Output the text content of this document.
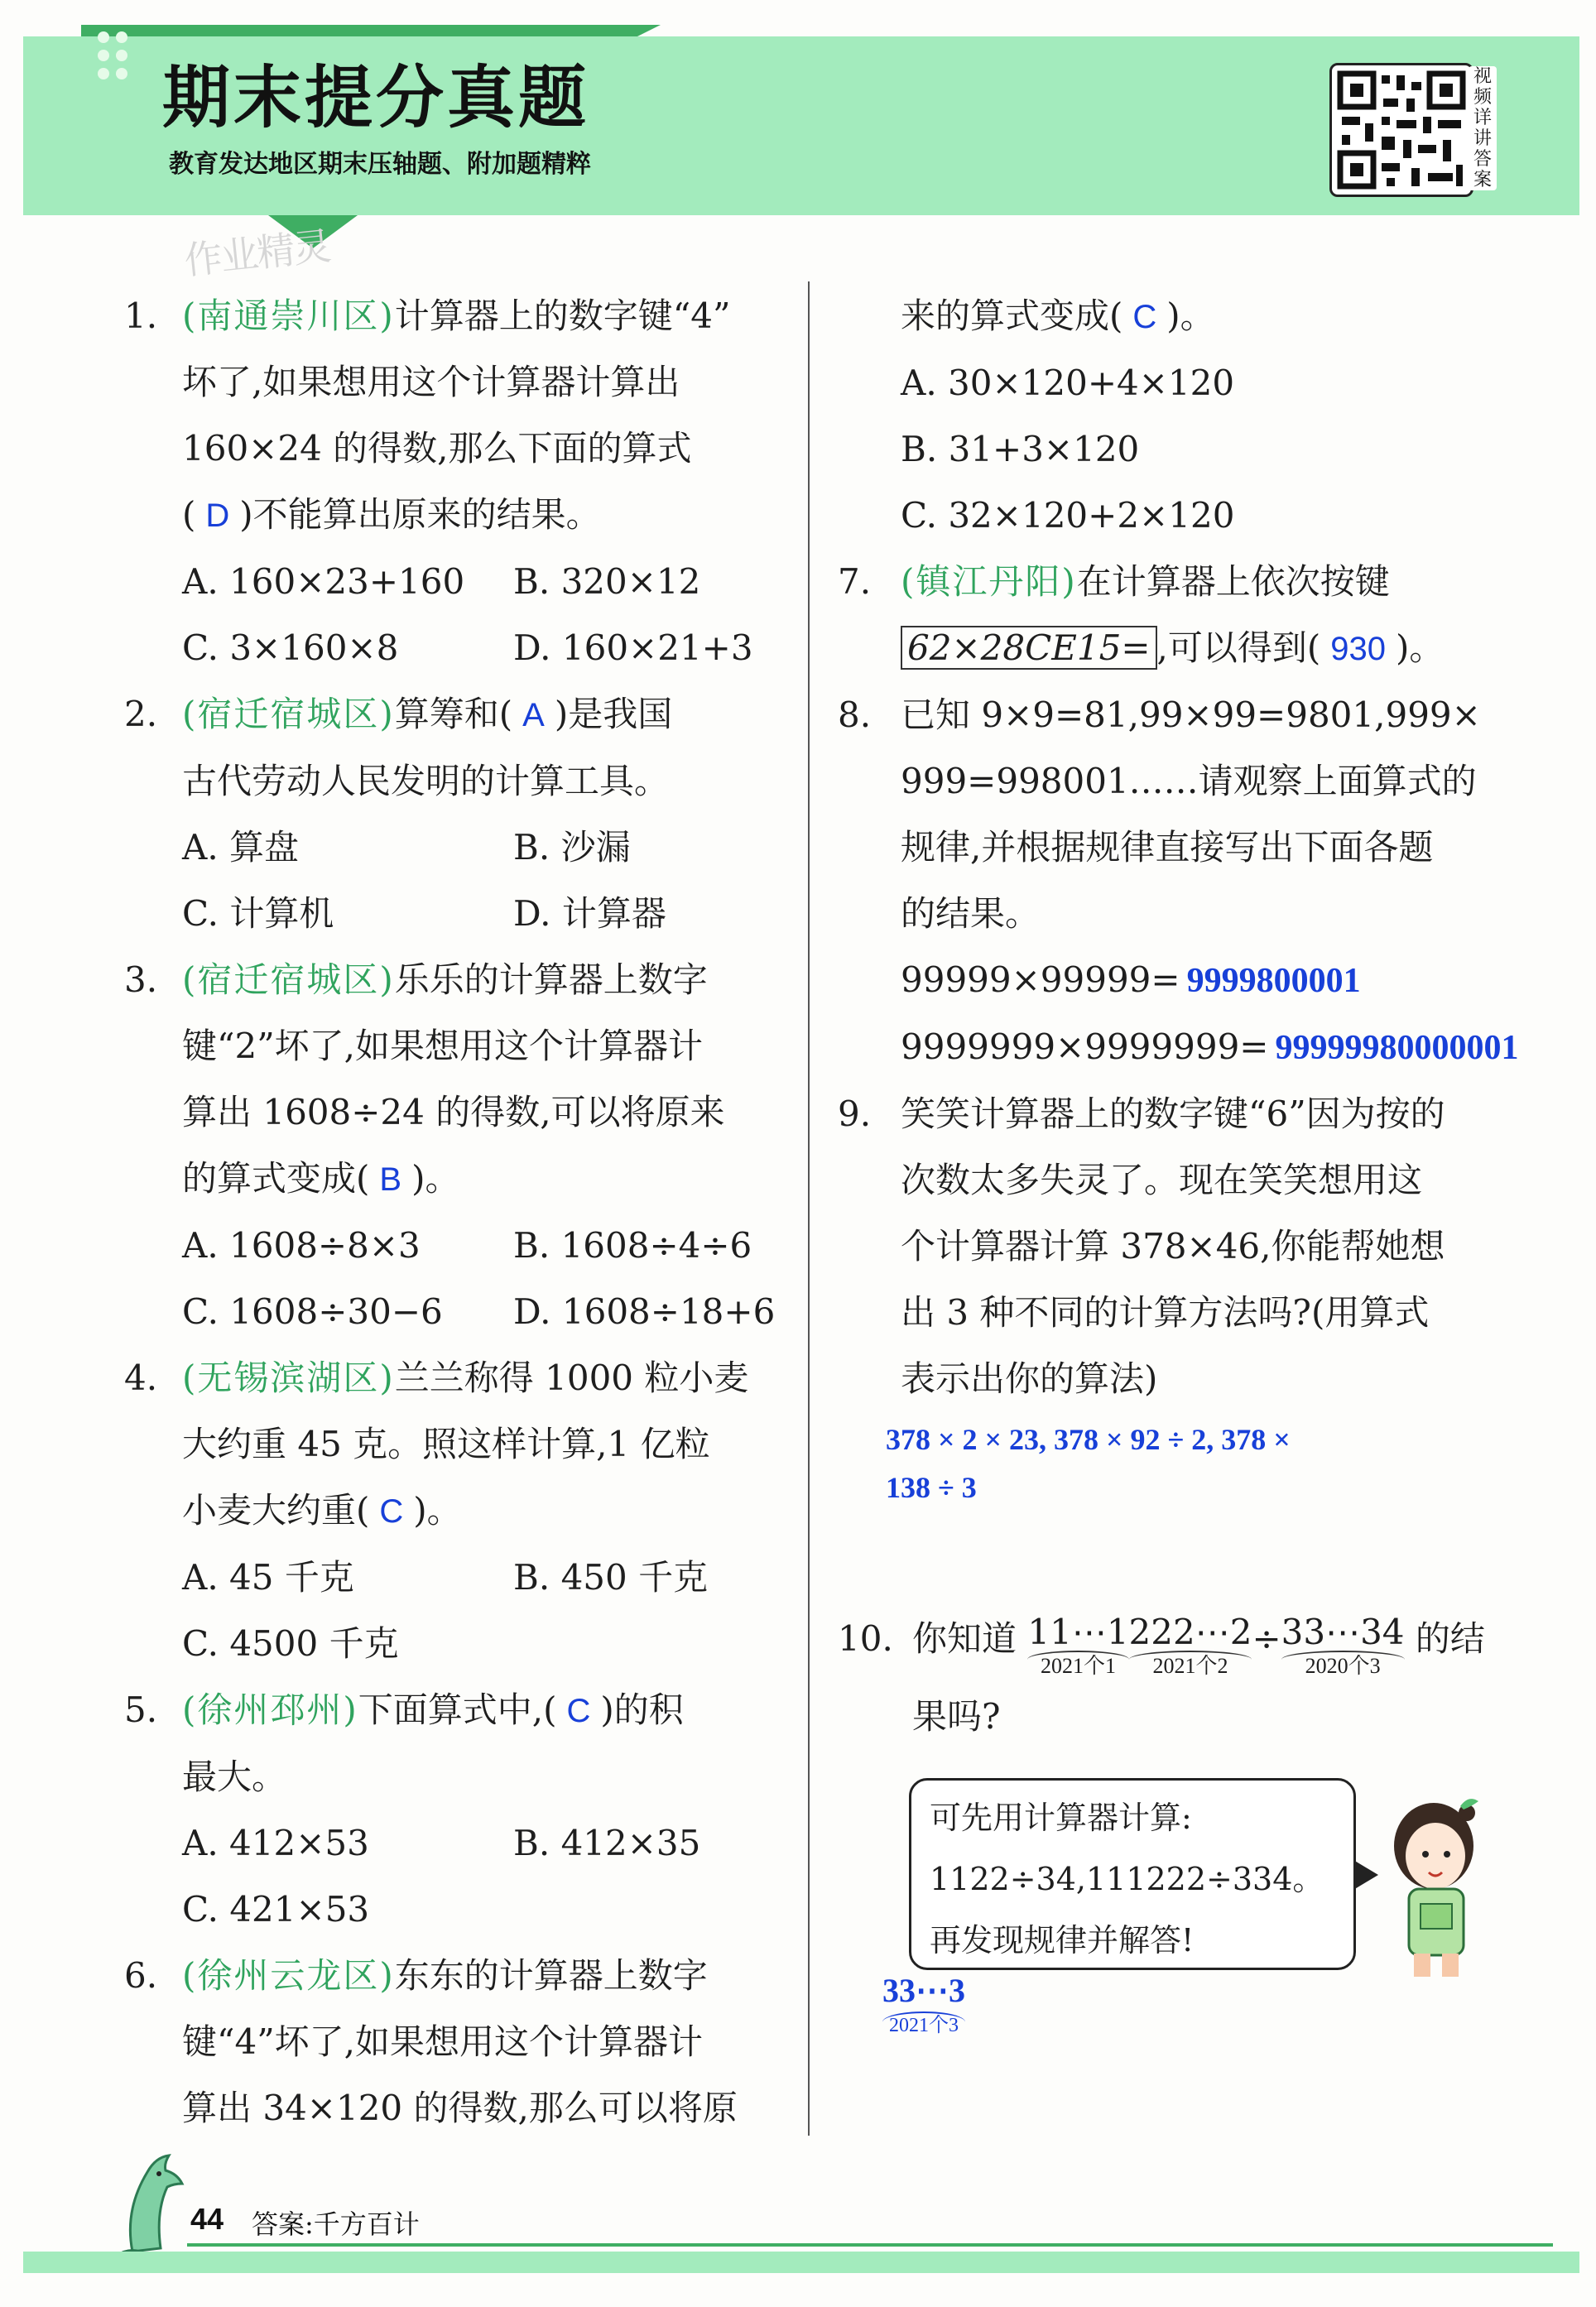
期末提分真题
教育发达地区期末压轴题、附加题精粹
视频详讲答案
作业精灵
1. (南通崇川区)计算器上的数字键“4”
坏了,如果想用这个计算器计算出
160×24 的得数,那么下面的算式
( D )不能算出原来的结果。
A. 160×23+160	B. 320×12
C. 3×160×8	D. 160×21+3
2. (宿迁宿城区)算筹和( A )是我国
古代劳动人民发明的计算工具。
A. 算盘	B. 沙漏
C. 计算机	D. 计算器
3. (宿迁宿城区)乐乐的计算器上数字
键“2”坏了,如果想用这个计算器计
算出 1608÷24 的得数,可以将原来
的算式变成( B )。
A. 1608÷8×3	B. 1608÷4÷6
C. 1608÷30−6	D. 1608÷18+6
4. (无锡滨湖区)兰兰称得 1000 粒小麦
大约重 45 克。照这样计算,1 亿粒
小麦大约重( C )。
A. 45 千克	B. 450 千克
C. 4500 千克
5. (徐州邳州)下面算式中,( C )的积
最大。
A. 412×53	B. 412×35
C. 421×53
6. (徐州云龙区)东东的计算器上数字
键“4”坏了,如果想用这个计算器计
算出 34×120 的得数,那么可以将原
来的算式变成( C )。
A. 30×120+4×120
B. 31+3×120
C. 32×120+2×120
7. (镇江丹阳)在计算器上依次按键
62×28CE15= ,可以得到( 930 )。
8. 已知 9×9=81,99×99=9801,999×
999=998001……请观察上面算式的
规律,并根据规律直接写出下面各题
的结果。
99999×99999= 9999800001
9999999×9999999= 99999980000001
9. 笑笑计算器上的数字键“6”因为按的
次数太多失灵了。现在笑笑想用这
个计算器计算 378×46,你能帮她想
出 3 种不同的计算方法吗?(用算式
表示出你的算法)
378 × 2 × 23, 378 × 92 ÷ 2, 378 ×
138 ÷ 3
10. 你知道 11⋯1
2021个1
222⋯2
2021个2
÷ 33⋯34
2020个3
的结
果吗?
可先用计算器计算:
1122÷34,111222÷334。
再发现规律并解答!
33⋯3
2021个3
44 答案:千方百计
